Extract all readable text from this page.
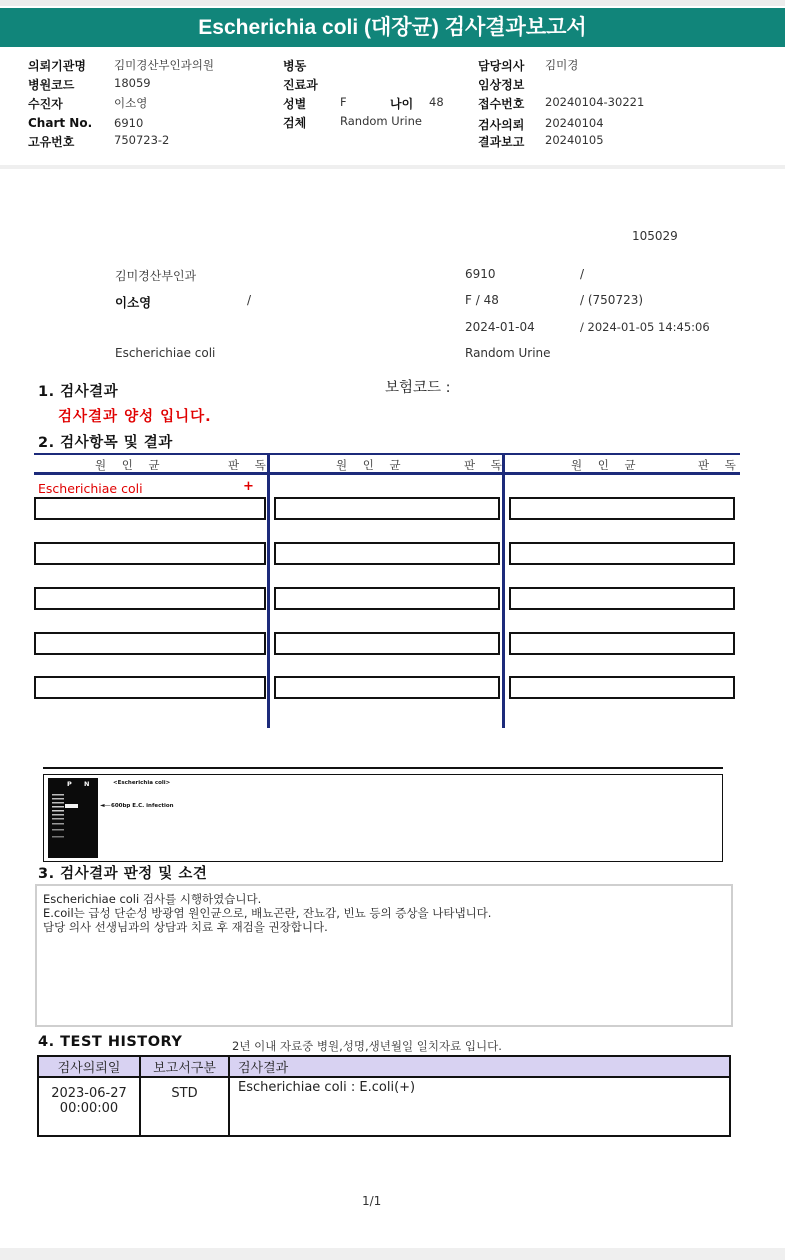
Escherichia coli (대장균) 검사결과보고서
의뢰기관명 김미경산부인과의원
병원코드	18059
수진자	이소영
Chart No. 6910
고유번호	750723-2
병동
진료과
성별	F	나이 48
검체	Random Urine
담당의사 김미경
임상정보
접수번호 20240104-30221
검사의뢰 20240104
결과보고 20240105
105029
김미경산부인과	6910	/
이소영	/	F / 48	/ (750723)
2024-01-04	/ 2024-01-05 14:45:06
Escherichiae coli	Random Urine
1. 검사결과	보험코드 :
검사결과 양성 입니다.
2. 검사항목 및 결과
원 인 균	판 독	원 인 균	판 독	원 인 균	판 독
Escherichiae coli	+
P N	<Escherichia coli>
◄— 600bp E.C. infection
3. 검사결과 판정 및 소견
Escherichiae coli 검사를 시행하였습니다.
E.coil는 급성 단순성 방광염 원인균으로, 배뇨곤란, 잔뇨감, 빈뇨 등의 증상을 나타냅니다.
담당 의사 선생님과의 상담과 치료 후 재검을 권장합니다.
4. TEST HISTORY	2년 이내 자료중 병원,성명,생년월일 일치자료 입니다.
검사의뢰일	보고서구분	검사결과

2023-06-27
00:00:00	STD	Escherichiae coli : E.coli(+)
1/1
